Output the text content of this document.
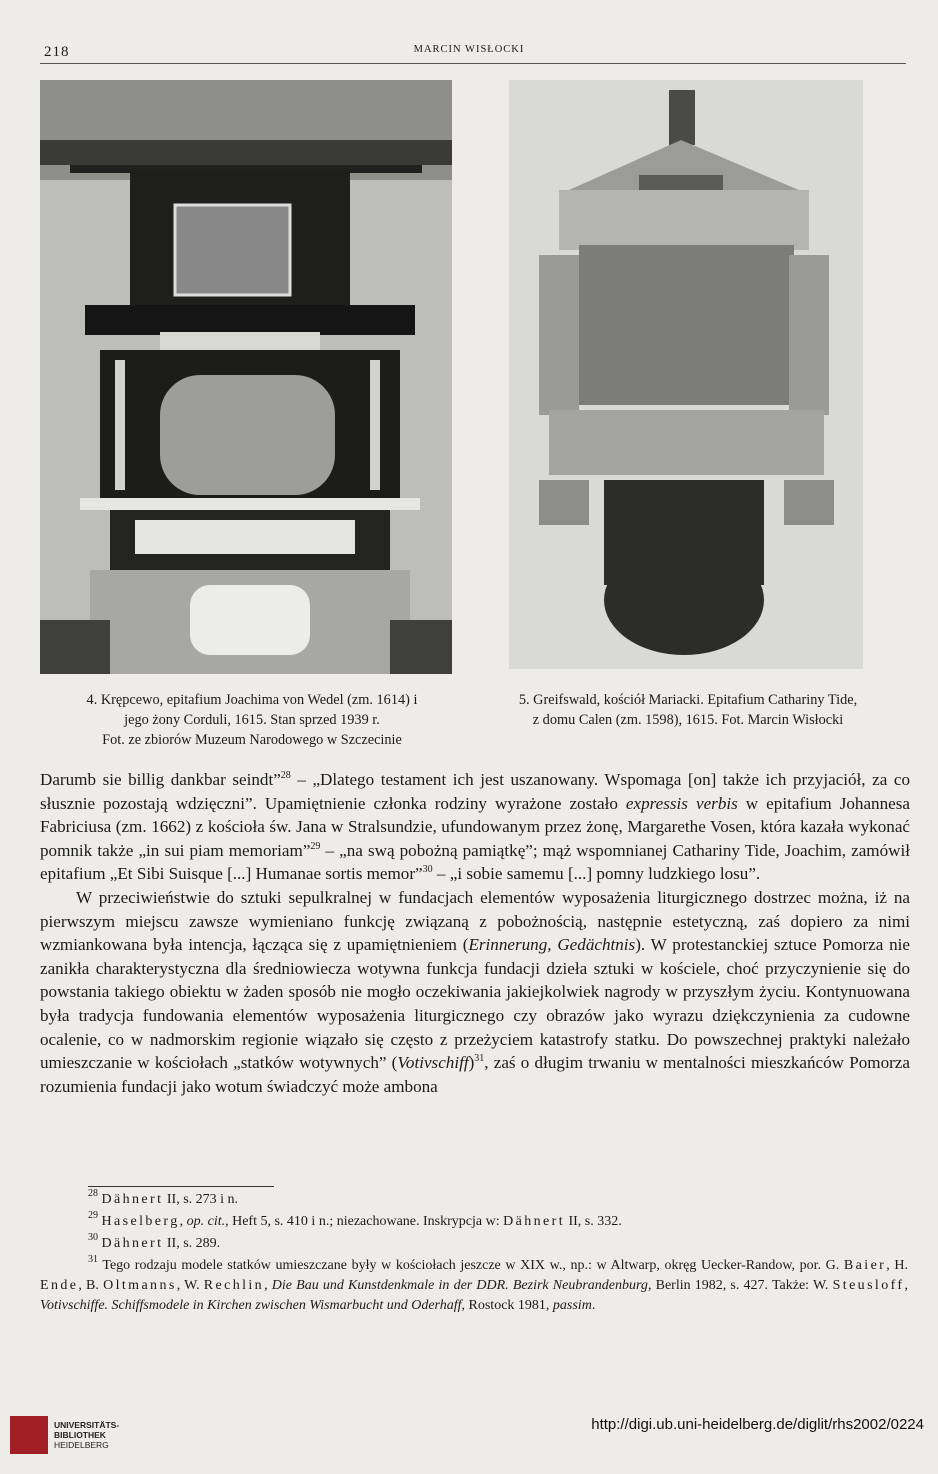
218	MARCIN WISŁOCKI
4. Krępcewo, epitafium Joachima von Wedel (zm. 1614) i
jego żony Corduli, 1615. Stan sprzed 1939 r.
Fot. ze zbiorów Muzeum Narodowego w Szczecinie
5. Greifswald, kościół Mariacki. Epitafium Cathariny Tide,
z domu Calen (zm. 1598), 1615. Fot. Marcin Wisłocki

Darumb sie billig dankbar seindt”$^{28}$ – „Dlatego testament ich jest uszanowany. Wspomaga [on] także ich przyjaciół, za co słusznie pozostają wdzięczni”. Upamiętnienie członka rodziny wyrażone zostało expressis verbis w epitafium Johannesa Fabriciusa (zm. 1662) z kościoła św. Jana w Stralsundzie, ufundowanym przez żonę, Margarethe Vosen, która kazała wykonać pomnik także „in sui piam memoriam”$^{29}$ – „na swą pobożną pamiątkę”; mąż wspomnianej Cathariny Tide, Joachim, zamówił epitafium „Et Sibi Suisque [...] Humanae sortis memor”$^{30}$ – „i sobie samemu [...] pomny ludzkiego losu”.

W przeciwieństwie do sztuki sepulkralnej w fundacjach elementów wyposażenia liturgicznego dostrzec można, iż na pierwszym miejscu zawsze wymieniano funkcję związaną z pobożnością, następnie estetyczną, zaś dopiero za nimi wzmiankowana była intencja, łącząca się z upamiętnieniem (Erinnerung, Gedächtnis). W protestanckiej sztuce Pomorza nie zanikła charakterystyczna dla średniowiecza wotywna funkcja fundacji dzieła sztuki w kościele, choć przyczynienie się do powstania takiego obiektu w żaden sposób nie mogło oczekiwania jakiejkolwiek nagrody w przyszłym życiu. Kontynuowana była tradycja fundowania elementów wyposażenia liturgicznego czy obrazów jako wyrazu dziękczynienia za cudowne ocalenie, co w nadmorskim regionie wiązało się często z przeżyciem katastrofy statku. Do powszechnej praktyki należało umieszczanie w kościołach „statków wotywnych” (Votivschiff)$^{31}$, zaś o długim trwaniu w mentalności mieszkańców Pomorza rozumienia fundacji jako wotum świadczyć może ambona

$^{28}$ Dähnert II, s. 273 i n.

$^{29}$ Haselberg, op. cit., Heft 5, s. 410 i n.; niezachowane. Inskrypcja w: Dähnert II, s. 332.

$^{30}$ Dähnert II, s. 289.

$^{31}$ Tego rodzaju modele statków umieszczane były w kościołach jeszcze w XIX w., np.: w Altwarp, okręg Uecker-Randow, por. G. Baier, H. Ende, B. Oltmanns, W. Rechlin, Die Bau und Kunstdenkmale in der DDR. Bezirk Neubrandenburg, Berlin 1982, s. 427. Także: W. Steusloff, Votivschiffe. Schiffsmodele in Kirchen zwischen Wismarbucht und Oderhaff, Rostock 1981, passim.

UNIVERSITÄTS-
BIBLIOTHEK
HEIDELBERG
http://digi.ub.uni-heidelberg.de/diglit/rhs2002/0224
